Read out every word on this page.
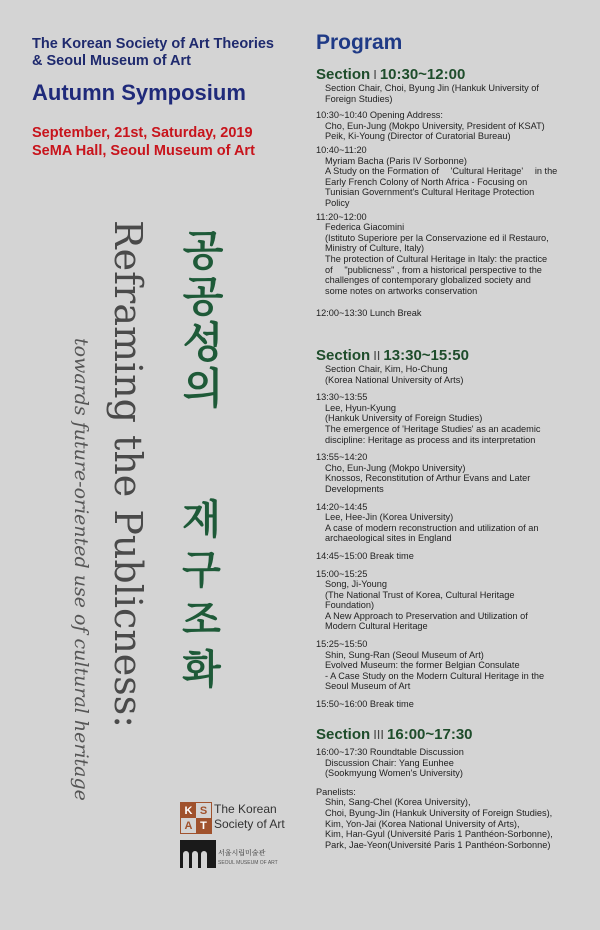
The Korean Society of Art Theories
& Seoul Museum of Art
Autumn Symposium
September, 21st, Saturday, 2019
SeMA Hall, Seoul Museum of Art
공공성의
재구조화
Reframing the Publicness:
towards future-oriented use of cultural heritage
K S
A T
The Korean
Society of Art
서울시립미술관
SEOUL MUSEUM OF ART
Program
Section I 10:30~12:00
Section Chair, Choi, Byung Jin (Hankuk University of
Foreign Studies)
10:30~10:40 Opening Address:
Cho, Eun-Jung (Mokpo University, President of KSAT)
Peik, Ki-Young (Director of Curatorial Bureau)
10:40~11:20
Myriam Bacha (Paris IV Sorbonne)
A Study on the Formation of 　'Cultural Heritage' 　in the
Early French Colony of North Africa - Focusing on
Tunisian Government's Cultural Heritage Protection
Policy
11:20~12:00
Federica Giacomini
(Istituto Superiore per la Conservazione ed il Restauro,
Ministry of Culture, Italy)
The protection of Cultural Heritage in Italy: the practice
of 　"publicness" , from a historical perspective to the
challenges of contemporary globalized society and
some notes on artworks conservation
12:00~13:30 Lunch Break
Section II 13:30~15:50
Section Chair, Kim, Ho-Chung
(Korea National University of Arts)
13:30~13:55
Lee, Hyun-Kyung
(Hankuk University of Foreign Studies)
The emergence of 'Heritage Studies' as an academic
discipline: Heritage as process and its interpretation
13:55~14:20
Cho, Eun-Jung (Mokpo University)
Knossos, Reconstitution of Arthur Evans and Later
Developments
14:20~14:45
Lee, Hee-Jin (Korea University)
A case of modern reconstruction and utilization of an
archaeological sites in England
14:45~15:00 Break time
15:00~15:25
Song, Ji-Young
(The National Trust of Korea, Cultural Heritage
Foundation)
A New Approach to Preservation and Utilization of
Modern Cultural Heritage
15:25~15:50
Shin, Sung-Ran (Seoul Museum of Art)
Evolved Museum: the former Belgian Consulate
- A Case Study on the Modern Cultural Heritage in the
Seoul Museum of Art
15:50~16:00 Break time
Section III 16:00~17:30
16:00~17:30 Roundtable Discussion
Discussion Chair: Yang Eunhee
(Sookmyung Women's University)
Panelists:
Shin, Sang-Chel (Korea University),
Choi, Byung-Jin (Hankuk University of Foreign Studies),
Kim, Yon-Jai (Korea National University of Arts),
Kim, Han-Gyul (Université Paris 1 Panthéon-Sorbonne),
Park, Jae-Yeon(Université Paris 1 Panthéon-Sorbonne)
